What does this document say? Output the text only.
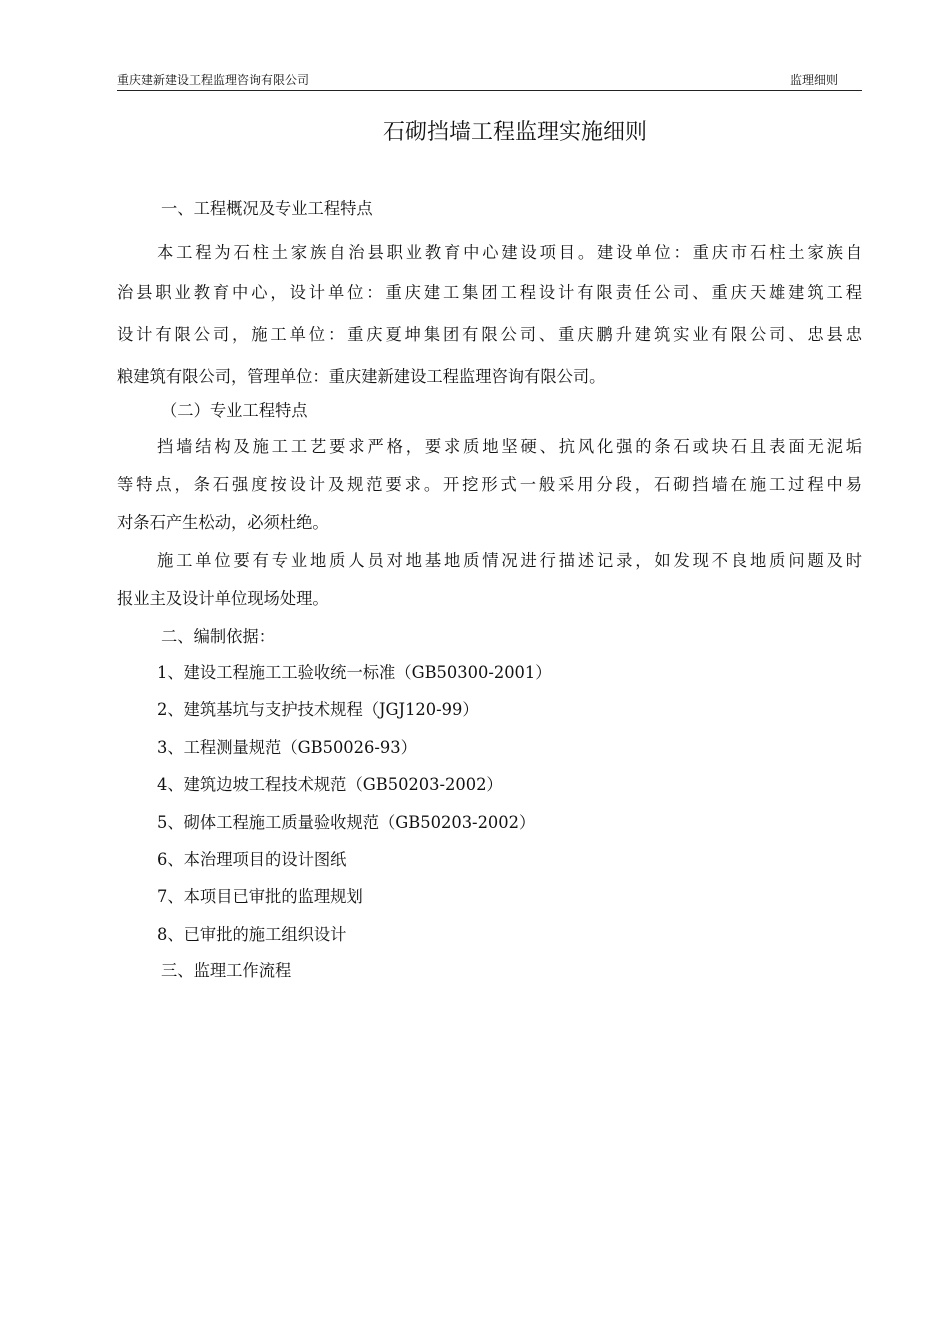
重庆建新建设工程监理咨询有限公司	监理细则
石砌挡墙工程监理实施细则
一、工程概况及专业工程特点
本工程为石柱土家族自治县职业教育中心建设项目。建设单位：重庆市石柱土家族自
治县职业教育中心，设计单位：重庆建工集团工程设计有限责任公司、重庆天雄建筑工程
设计有限公司，施工单位：重庆夏坤集团有限公司、重庆鹏升建筑实业有限公司、忠县忠
粮建筑有限公司，管理单位：重庆建新建设工程监理咨询有限公司。
（二）专业工程特点
挡墙结构及施工工艺要求严格，要求质地坚硬、抗风化强的条石或块石且表面无泥垢
等特点，条石强度按设计及规范要求。开挖形式一般采用分段，石砌挡墙在施工过程中易
对条石产生松动，必须杜绝。
施工单位要有专业地质人员对地基地质情况进行描述记录，如发现不良地质问题及时
报业主及设计单位现场处理。
二、编制依据：
1、建设工程施工工验收统一标准（GB50300-2001）
2、建筑基坑与支护技术规程（JGJ120-99）
3、工程测量规范（GB50026-93）
4、建筑边坡工程技术规范（GB50203-2002）
5、砌体工程施工质量验收规范（GB50203-2002）
6、本治理项目的设计图纸
7、本项目已审批的监理规划
8、已审批的施工组织设计
三、监理工作流程
